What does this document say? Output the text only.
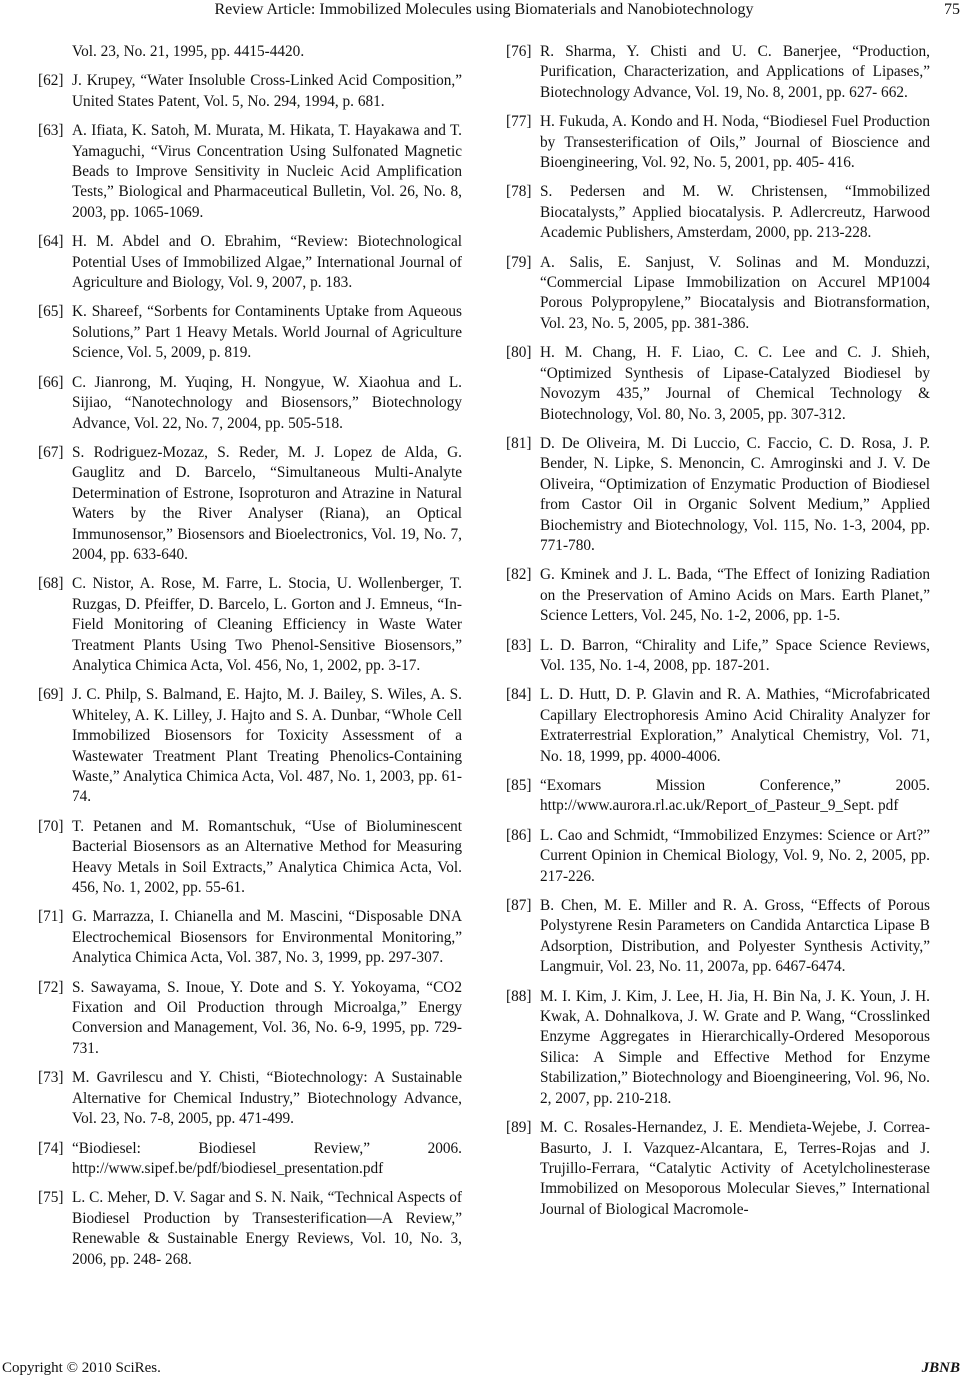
Review Article: Immobilized Molecules using Biomaterials and Nanobiotechnology	75
Vol. 23, No. 21, 1995, pp. 4415-4420.
[62] J. Krupey, “Water Insoluble Cross-Linked Acid Composition,” United States Patent, Vol. 5, No. 294, 1994, p. 681.
[63] A. Ifiata, K. Satoh, M. Murata, M. Hikata, T. Hayakawa and T. Yamaguchi, “Virus Concentration Using Sulfonated Magnetic Beads to Improve Sensitivity in Nucleic Acid Amplification Tests,” Biological and Pharmaceutical Bulletin, Vol. 26, No. 8, 2003, pp. 1065-1069.
[64] H. M. Abdel and O. Ebrahim, “Review: Biotechnological Potential Uses of Immobilized Algae,” International Journal of Agriculture and Biology, Vol. 9, 2007, p. 183.
[65] K. Shareef, “Sorbents for Contaminents Uptake from Aqueous Solutions,” Part 1 Heavy Metals. World Journal of Agriculture Science, Vol. 5, 2009, p. 819.
[66] C. Jianrong, M. Yuqing, H. Nongyue, W. Xiaohua and L. Sijiao, “Nanotechnology and Biosensors,” Biotechnology Advance, Vol. 22, No. 7, 2004, pp. 505-518.
[67] S. Rodriguez-Mozaz, S. Reder, M. J. Lopez de Alda, G. Gauglitz and D. Barcelo, “Simultaneous Multi-Analyte Determination of Estrone, Isoproturon and Atrazine in Natural Waters by the River Analyser (Riana), an Optical Immunosensor,” Biosensors and Bioelectronics, Vol. 19, No. 7, 2004, pp. 633-640.
[68] C. Nistor, A. Rose, M. Farre, L. Stocia, U. Wollenberger, T. Ruzgas, D. Pfeiffer, D. Barcelo, L. Gorton and J. Emneus, “In-Field Monitoring of Cleaning Efficiency in Waste Water Treatment Plants Using Two Phenol-Sensitive Biosensors,” Analytica Chimica Acta, Vol. 456, No, 1, 2002, pp. 3-17.
[69] J. C. Philp, S. Balmand, E. Hajto, M. J. Bailey, S. Wiles, A. S. Whiteley, A. K. Lilley, J. Hajto and S. A. Dunbar, “Whole Cell Immobilized Biosensors for Toxicity Assessment of a Wastewater Treatment Plant Treating Phenolics-Containing Waste,” Analytica Chimica Acta, Vol. 487, No. 1, 2003, pp. 61-74.
[70] T. Petanen and M. Romantschuk, “Use of Bioluminescent Bacterial Biosensors as an Alternative Method for Measuring Heavy Metals in Soil Extracts,” Analytica Chimica Acta, Vol. 456, No. 1, 2002, pp. 55-61.
[71] G. Marrazza, I. Chianella and M. Mascini, “Disposable DNA Electrochemical Biosensors for Environmental Monitoring,” Analytica Chimica Acta, Vol. 387, No. 3, 1999, pp. 297-307.
[72] S. Sawayama, S. Inoue, Y. Dote and S. Y. Yokoyama, “CO2 Fixation and Oil Production through Microalga,” Energy Conversion and Management, Vol. 36, No. 6-9, 1995, pp. 729-731.
[73] M. Gavrilescu and Y. Chisti, “Biotechnology: A Sustainable Alternative for Chemical Industry,” Biotechnology Advance, Vol. 23, No. 7-8, 2005, pp. 471-499.
[74] “Biodiesel: Biodiesel Review,” 2006. http://www.sipef.be/pdf/biodiesel_presentation.pdf
[75] L. C. Meher, D. V. Sagar and S. N. Naik, “Technical Aspects of Biodiesel Production by Transesterification—A Review,” Renewable & Sustainable Energy Reviews, Vol. 10, No. 3, 2006, pp. 248- 268.
[76] R. Sharma, Y. Chisti and U. C. Banerjee, “Production, Purification, Characterization, and Applications of Lipases,” Biotechnology Advance, Vol. 19, No. 8, 2001, pp. 627- 662.
[77] H. Fukuda, A. Kondo and H. Noda, “Biodiesel Fuel Production by Transesterification of Oils,” Journal of Bioscience and Bioengineering, Vol. 92, No. 5, 2001, pp. 405- 416.
[78] S. Pedersen and M. W. Christensen, “Immobilized Biocatalysts,” Applied biocatalysis. P. Adlercreutz, Harwood Academic Publishers, Amsterdam, 2000, pp. 213-228.
[79] A. Salis, E. Sanjust, V. Solinas and M. Monduzzi, “Commercial Lipase Immobilization on Accurel MP1004 Porous Polypropylene,” Biocatalysis and Biotransformation, Vol. 23, No. 5, 2005, pp. 381-386.
[80] H. M. Chang, H. F. Liao, C. C. Lee and C. J. Shieh, “Optimized Synthesis of Lipase-Catalyzed Biodiesel by Novozym 435,” Journal of Chemical Technology & Biotechnology, Vol. 80, No. 3, 2005, pp. 307-312.
[81] D. De Oliveira, M. Di Luccio, C. Faccio, C. D. Rosa, J. P. Bender, N. Lipke, S. Menoncin, C. Amroginski and J. V. De Oliveira, “Optimization of Enzymatic Production of Biodiesel from Castor Oil in Organic Solvent Medium,” Applied Biochemistry and Biotechnology, Vol. 115, No. 1-3, 2004, pp. 771-780.
[82] G. Kminek and J. L. Bada, “The Effect of Ionizing Radiation on the Preservation of Amino Acids on Mars. Earth Planet,” Science Letters, Vol. 245, No. 1-2, 2006, pp. 1-5.
[83] L. D. Barron, “Chirality and Life,” Space Science Reviews, Vol. 135, No. 1-4, 2008, pp. 187-201.
[84] L. D. Hutt, D. P. Glavin and R. A. Mathies, “Microfabricated Capillary Electrophoresis Amino Acid Chirality Analyzer for Extraterrestrial Exploration,” Analytical Chemistry, Vol. 71, No. 18, 1999, pp. 4000-4006.
[85] “Exomars Mission Conference,” 2005. http://www.aurora.rl.ac.uk/Report_of_Pasteur_9_Sept. pdf
[86] L. Cao and Schmidt, “Immobilized Enzymes: Science or Art?” Current Opinion in Chemical Biology, Vol. 9, No. 2, 2005, pp. 217-226.
[87] B. Chen, M. E. Miller and R. A. Gross, “Effects of Porous Polystyrene Resin Parameters on Candida Antarctica Lipase B Adsorption, Distribution, and Polyester Synthesis Activity,” Langmuir, Vol. 23, No. 11, 2007a, pp. 6467-6474.
[88] M. I. Kim, J. Kim, J. Lee, H. Jia, H. Bin Na, J. K. Youn, J. H. Kwak, A. Dohnalkova, J. W. Grate and P. Wang, “Crosslinked Enzyme Aggregates in Hierarchically-Ordered Mesoporous Silica: A Simple and Effective Method for Enzyme Stabilization,” Biotechnology and Bioengineering, Vol. 96, No. 2, 2007, pp. 210-218.
[89] M. C. Rosales-Hernandez, J. E. Mendieta-Wejebe, J. Correa-Basurto, J. I. Vazquez-Alcantara, E, Terres-Rojas and J. Trujillo-Ferrara, “Catalytic Activity of Acetylcholinesterase Immobilized on Mesoporous Molecular Sieves,” International Journal of Biological Macromole-
Copyright © 2010 SciRes.	JBNB
